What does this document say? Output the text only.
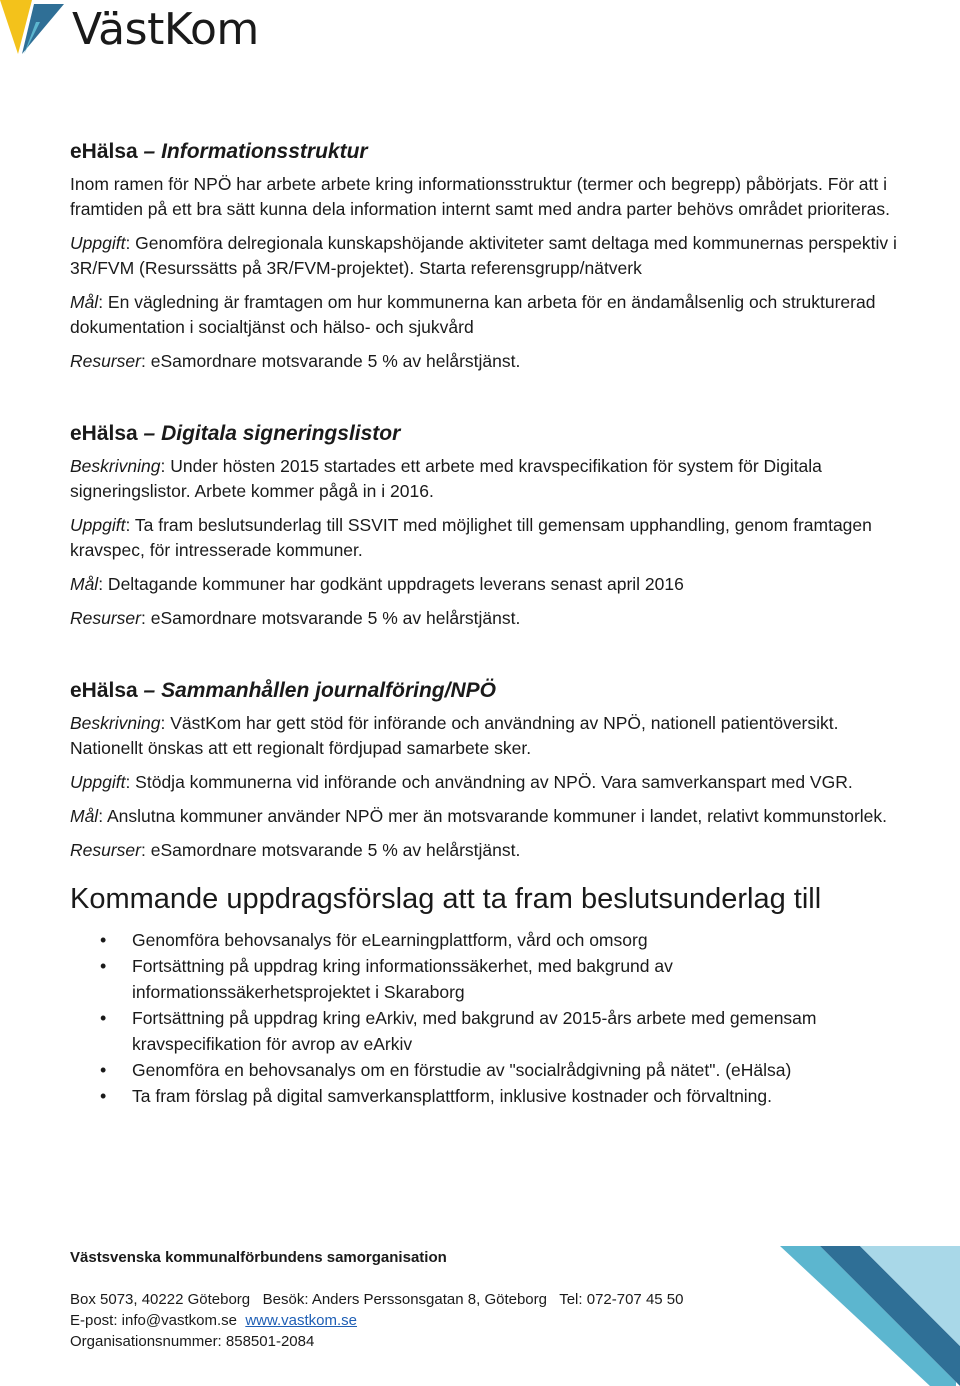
VästKom
eHälsa – Informationsstruktur

Inom ramen för NPÖ har arbete arbete kring informationsstruktur (termer och begrepp) påbörjats. För att i framtiden på ett bra sätt kunna dela information internt samt med andra parter behövs området prioriteras.

Uppgift: Genomföra delregionala kunskapshöjande aktiviteter samt deltaga med kommunernas perspektiv i 3R/FVM (Resurssätts på 3R/FVM-projektet). Starta referensgrupp/nätverk

Mål: En vägledning är framtagen om hur kommunerna kan arbeta för en ändamålsenlig och strukturerad dokumentation i socialtjänst och hälso- och sjukvård

Resurser: eSamordnare motsvarande 5 % av helårstjänst.

eHälsa – Digitala signeringslistor

Beskrivning: Under hösten 2015 startades ett arbete med kravspecifikation för system för Digitala signeringslistor. Arbete kommer pågå in i 2016.

Uppgift: Ta fram beslutsunderlag till SSVIT med möjlighet till gemensam upphandling, genom framtagen kravspec, för intresserade kommuner.

Mål: Deltagande kommuner har godkänt uppdragets leverans senast april 2016

Resurser: eSamordnare motsvarande 5 % av helårstjänst.

eHälsa – Sammanhållen journalföring/NPÖ

Beskrivning: VästKom har gett stöd för införande och användning av NPÖ, nationell patientöversikt. Nationellt önskas att ett regionalt fördjupad samarbete sker.

Uppgift: Stödja kommunerna vid införande och användning av NPÖ. Vara samverkanspart med VGR.

Mål: Anslutna kommuner använder NPÖ mer än motsvarande kommuner i landet, relativt kommunstorlek.

Resurser: eSamordnare motsvarande 5 % av helårstjänst.

Kommande uppdragsförslag att ta fram beslutsunderlag till
• Genomföra behovsanalys för eLearningplattform, vård och omsorg
• Fortsättning på uppdrag kring informationssäkerhet, med bakgrund av informationssäkerhetsprojektet i Skaraborg
• Fortsättning på uppdrag kring eArkiv, med bakgrund av 2015-års arbete med gemensam kravspecifikation för avrop av eArkiv
• Genomföra en behovsanalys om en förstudie av "socialrådgivning på nätet". (eHälsa)
• Ta fram förslag på digital samverkansplattform, inklusive kostnader och förvaltning.

Västsvenska kommunalförbundens samorganisation

Box 5073, 40222 Göteborg   Besök: Anders Perssonsgatan 8, Göteborg   Tel: 072-707 45 50

E-post: info@vastkom.se www.vastkom.se

Organisationsnummer: 858501-2084
